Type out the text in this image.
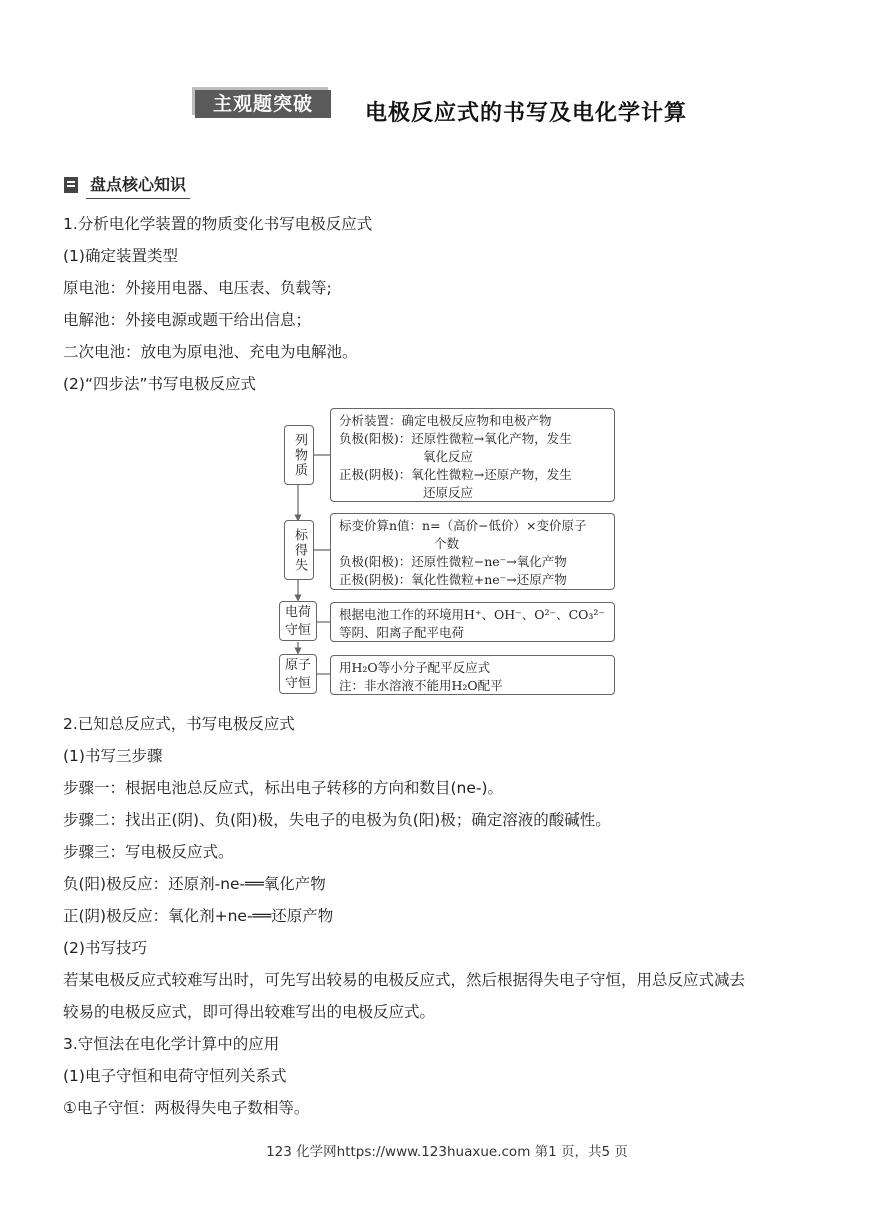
主观题突破	电极反应式的书写及电化学计算
盘点核心知识
1.分析电化学装置的物质变化书写电极反应式
(1)确定装置类型
原电池：外接用电器、电压表、负载等;
电解池：外接电源或题干给出信息；
二次电池：放电为原电池、充电为电解池。
(2)“四步法”书写电极反应式
列物质
标得失
电荷守恒
原子守恒
分析装置：确定电极反应物和电极产物
负极(阳极)：还原性微粒→氧化产物，发生
氧化反应
正极(阴极)：氧化性微粒→还原产物，发生
还原反应
标变价算n值：n=（高价−低价）×变价原子
个数
负极(阳极)：还原性微粒−ne⁻→氧化产物
正极(阴极)：氧化性微粒+ne⁻→还原产物
根据电池工作的环境用H⁺、OH⁻、O²⁻、CO₃²⁻
等阴、阳离子配平电荷
用H₂O等小分子配平反应式
注：非水溶液不能用H₂O配平
2.已知总反应式，书写电极反应式
(1)书写三步骤
步骤一：根据电池总反应式，标出电子转移的方向和数目(ne-)。
步骤二：找出正(阴)、负(阳)极，失电子的电极为负(阳)极；确定溶液的酸碱性。
步骤三：写电极反应式。
负(阳)极反应：还原剂-ne-══氧化产物
正(阴)极反应：氧化剂+ne-══还原产物
(2)书写技巧
若某电极反应式较难写出时，可先写出较易的电极反应式，然后根据得失电子守恒，用总反应式减去
较易的电极反应式，即可得出较难写出的电极反应式。
3.守恒法在电化学计算中的应用
(1)电子守恒和电荷守恒列关系式
①电子守恒：两极得失电子数相等。
123 化学网https://www.123huaxue.com 第1 页，共5 页
